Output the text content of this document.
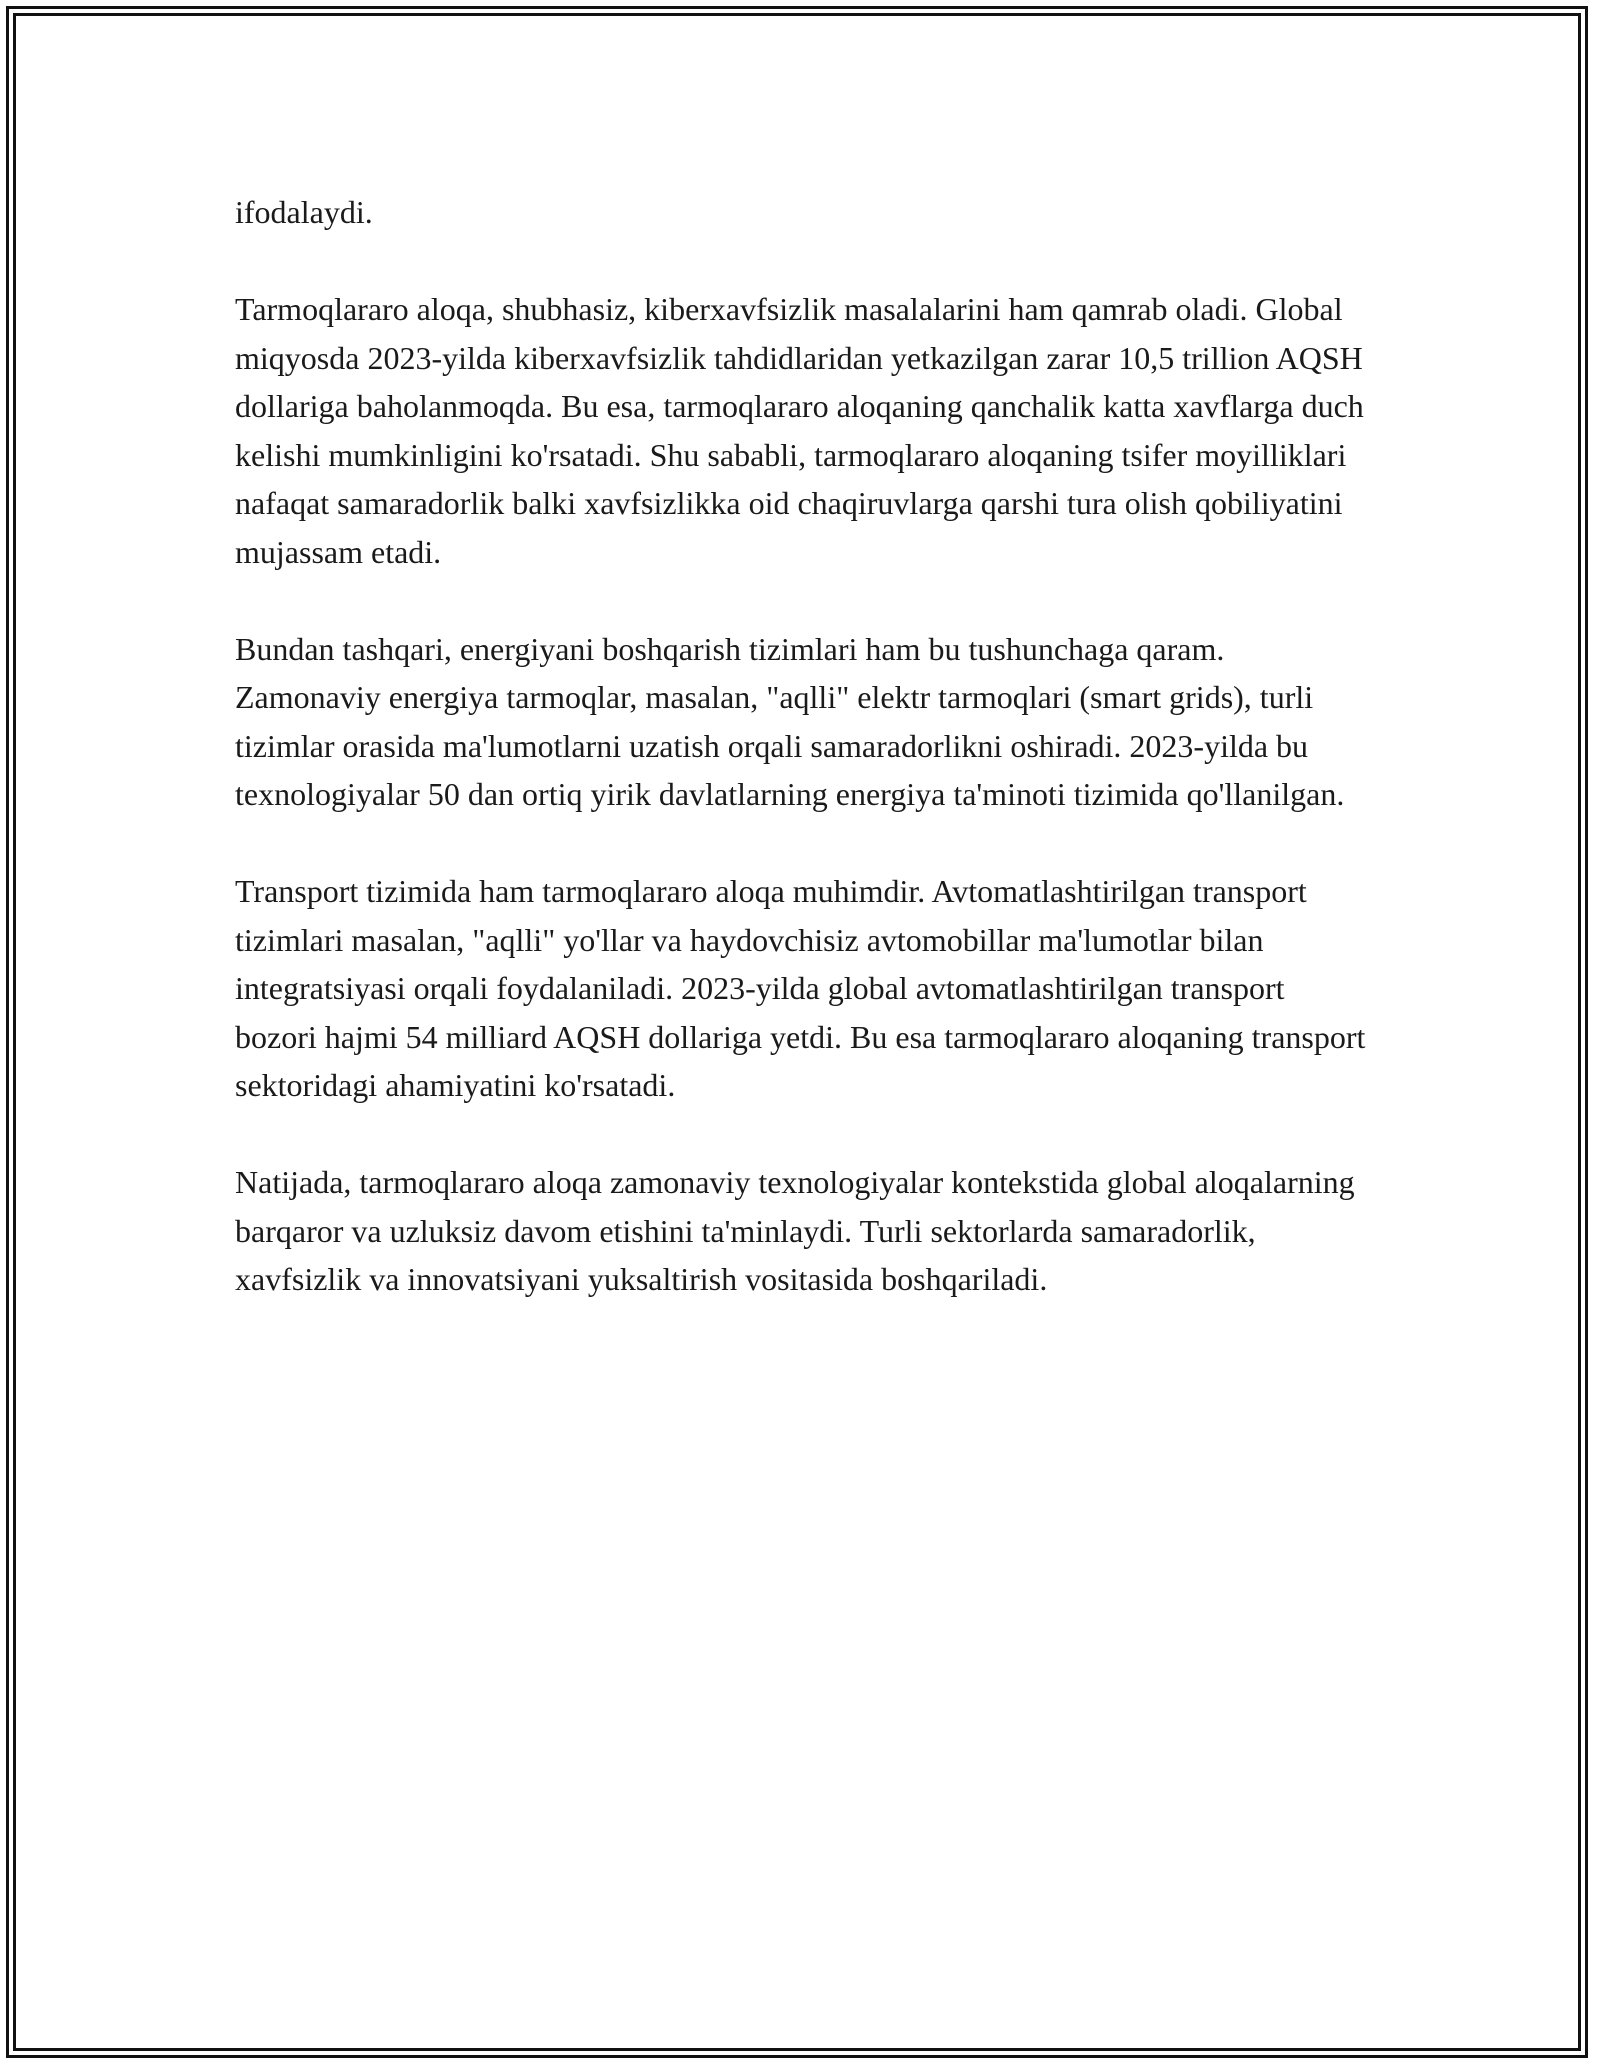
ifodalaydi.

Tarmoqlararo aloqa, shubhasiz, kiberxavfsizlik masalalarini ham qamrab oladi. Global miqyosda 2023-yilda kiberxavfsizlik tahdidlaridan yetkazilgan zarar 10,5 trillion AQSH dollariga baholanmoqda. Bu esa, tarmoqlararo aloqaning qanchalik katta xavflarga duch kelishi mumkinligini ko'rsatadi. Shu sababli, tarmoqlararo aloqaning tsifer moyilliklari nafaqat samaradorlik balki xavfsizlikka oid chaqiruvlarga qarshi tura olish qobiliyatini mujassam etadi.

Bundan tashqari, energiyani boshqarish tizimlari ham bu tushunchaga qaram. Zamonaviy energiya tarmoqlar, masalan, "aqlli" elektr tarmoqlari (smart grids), turli tizimlar orasida ma'lumotlarni uzatish orqali samaradorlikni oshiradi. 2023-yilda bu texnologiyalar 50 dan ortiq yirik davlatlarning energiya ta'minoti tizimida qo'llanilgan.

Transport tizimida ham tarmoqlararo aloqa muhimdir. Avtomatlashtirilgan transport tizimlari masalan, "aqlli" yo'llar va haydovchisiz avtomobillar ma'lumotlar bilan integratsiyasi orqali foydalaniladi. 2023-yilda global avtomatlashtirilgan transport bozori hajmi 54 milliard AQSH dollariga yetdi. Bu esa tarmoqlararo aloqaning transport sektoridagi ahamiyatini ko'rsatadi.

Natijada, tarmoqlararo aloqa zamonaviy texnologiyalar kontekstida global aloqalarning barqaror va uzluksiz davom etishini ta'minlaydi. Turli sektorlarda samaradorlik, xavfsizlik va innovatsiyani yuksaltirish vositasida boshqariladi.
